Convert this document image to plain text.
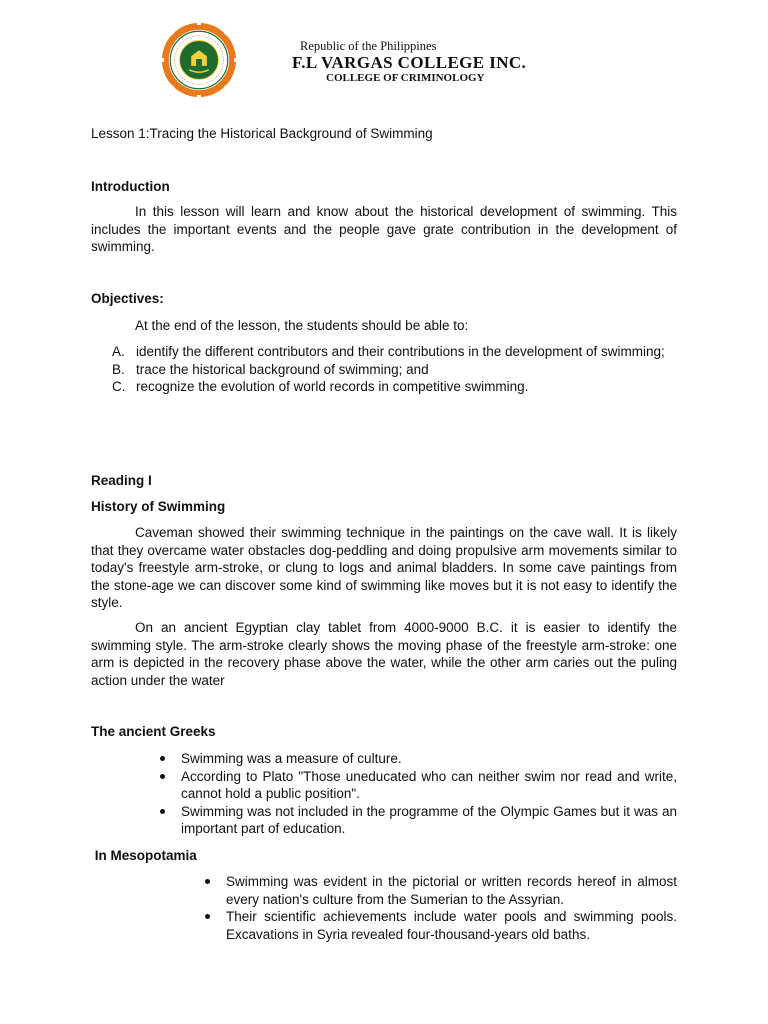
Republic of the Philippines
F.L VARGAS COLLEGE INC.
COLLEGE OF CRIMINOLOGY
Lesson 1:Tracing the Historical Background of Swimming
Introduction

In this lesson will learn and know about the historical development of swimming. This includes the important events and the people gave grate contribution in the development of swimming.

Objectives:
At the end of the lesson, the students should be able to:
A. identify the different contributors and their contributions in the development of swimming;
B. trace the historical background of swimming; and
C. recognize the evolution of world records in competitive swimming.
Reading I
History of Swimming

Caveman showed their swimming technique in the paintings on the cave wall. It is likely that they overcame water obstacles dog-peddling and doing propulsive arm movements similar to today's freestyle arm-stroke, or clung to logs and animal bladders. In some cave paintings from the stone-age we can discover some kind of swimming like moves but it is not easy to identify the style.

On an ancient Egyptian clay tablet from 4000-9000 B.C. it is easier to identify the swimming style. The arm-stroke clearly shows the moving phase of the freestyle arm-stroke: one arm is depicted in the recovery phase above the water, while the other arm caries out the puling action under the water

The ancient Greeks
Swimming was a measure of culture.
According to Plato "Those uneducated who can neither swim nor read and write, cannot hold a public position".
Swimming was not included in the programme of the Olympic Games but it was an important part of education.
In Mesopotamia
Swimming was evident in the pictorial or written records hereof in almost every nation's culture from the Sumerian to the Assyrian.
Their scientific achievements include water pools and swimming pools. Excavations in Syria revealed four-thousand-years old baths.
